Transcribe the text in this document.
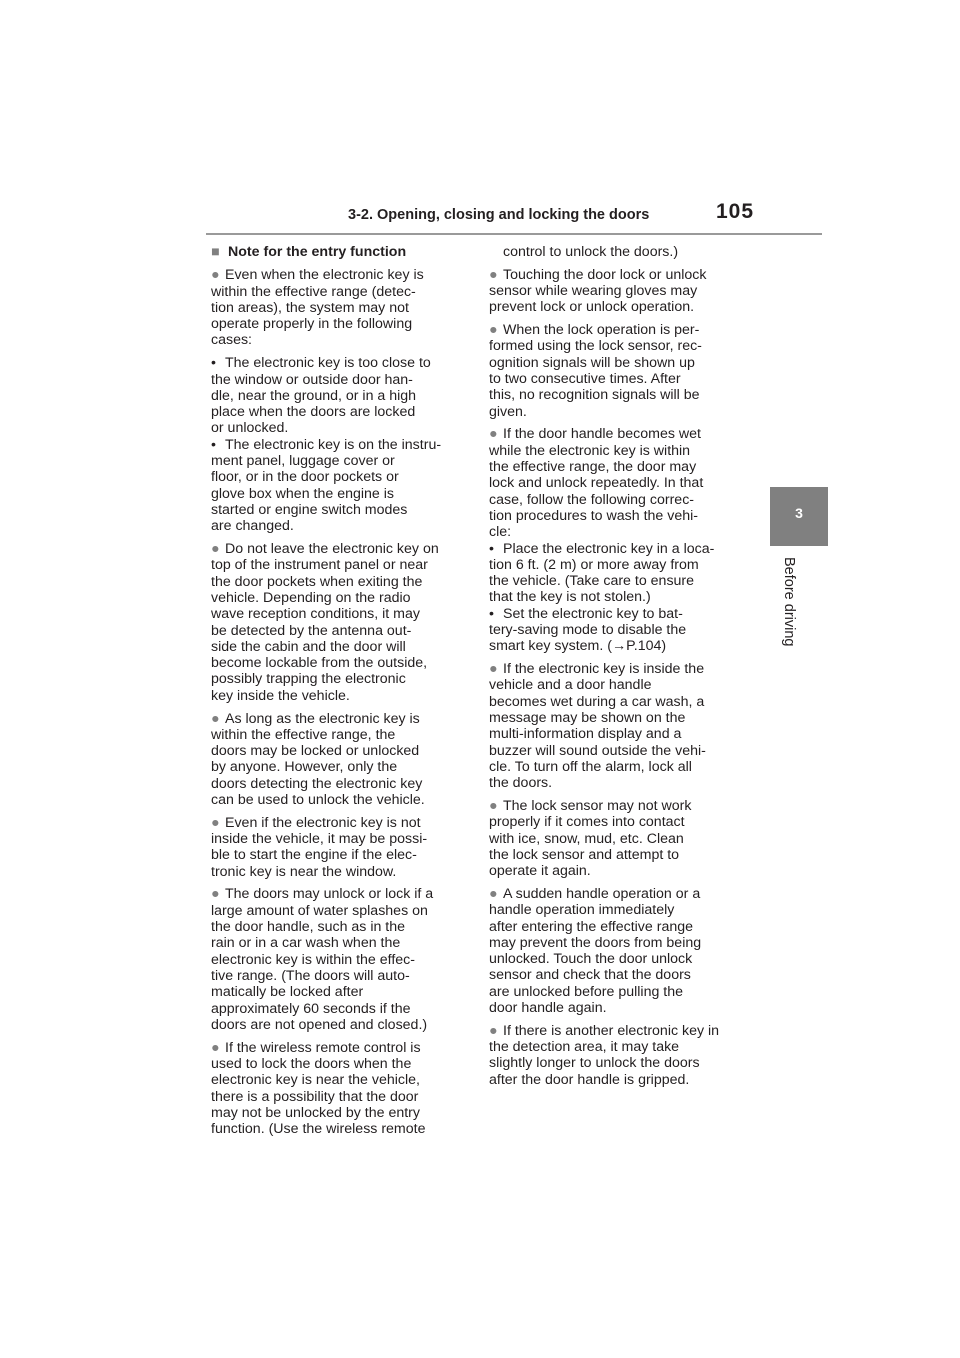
3-2. Opening, closing and locking the doors	105
3
Before driving
■ Note for the entry function
● Even when the electronic key is

within the effective range (detec-
tion areas), the system may not
operate properly in the following
cases:
• The electronic key is too close to

the window or outside door han-
dle, near the ground, or in a high
place when the doors are locked
or unlocked.
• The electronic key is on the instru-

ment panel, luggage cover or
floor, or in the door pockets or
glove box when the engine is
started or engine switch modes
are changed.
● Do not leave the electronic key on

top of the instrument panel or near
the door pockets when exiting the
vehicle. Depending on the radio
wave reception conditions, it may
be detected by the antenna out-
side the cabin and the door will
become lockable from the outside,
possibly trapping the electronic
key inside the vehicle.
● As long as the electronic key is

within the effective range, the
doors may be locked or unlocked
by anyone. However, only the
doors detecting the electronic key
can be used to unlock the vehicle.
● Even if the electronic key is not

inside the vehicle, it may be possi-
ble to start the engine if the elec-
tronic key is near the window.
● The doors may unlock or lock if a

large amount of water splashes on
the door handle, such as in the
rain or in a car wash when the
electronic key is within the effec-
tive range. (The doors will auto-
matically be locked after
approximately 60 seconds if the
doors are not opened and closed.)
● If the wireless remote control is

used to lock the doors when the
electronic key is near the vehicle,
there is a possibility that the door
may not be unlocked by the entry
function. (Use the wireless remote
control to unlock the doors.)
● Touching the door lock or unlock

sensor while wearing gloves may
prevent lock or unlock operation.
● When the lock operation is per-

formed using the lock sensor, rec-
ognition signals will be shown up
to two consecutive times. After
this, no recognition signals will be
given.
● If the door handle becomes wet

while the electronic key is within
the effective range, the door may
lock and unlock repeatedly. In that
case, follow the following correc-
tion procedures to wash the vehi-
cle:
• Place the electronic key in a loca-

tion 6 ft. (2 m) or more away from
the vehicle. (Take care to ensure
that the key is not stolen.)
• Set the electronic key to bat-

tery-saving mode to disable the
smart key system. (→P.104)
● If the electronic key is inside the

vehicle and a door handle
becomes wet during a car wash, a
message may be shown on the
multi-information display and a
buzzer will sound outside the vehi-
cle. To turn off the alarm, lock all
the doors.
● The lock sensor may not work

properly if it comes into contact
with ice, snow, mud, etc. Clean
the lock sensor and attempt to
operate it again.
● A sudden handle operation or a

handle operation immediately
after entering the effective range
may prevent the doors from being
unlocked. Touch the door unlock
sensor and check that the doors
are unlocked before pulling the
door handle again.
● If there is another electronic key in

the detection area, it may take
slightly longer to unlock the doors
after the door handle is gripped.
